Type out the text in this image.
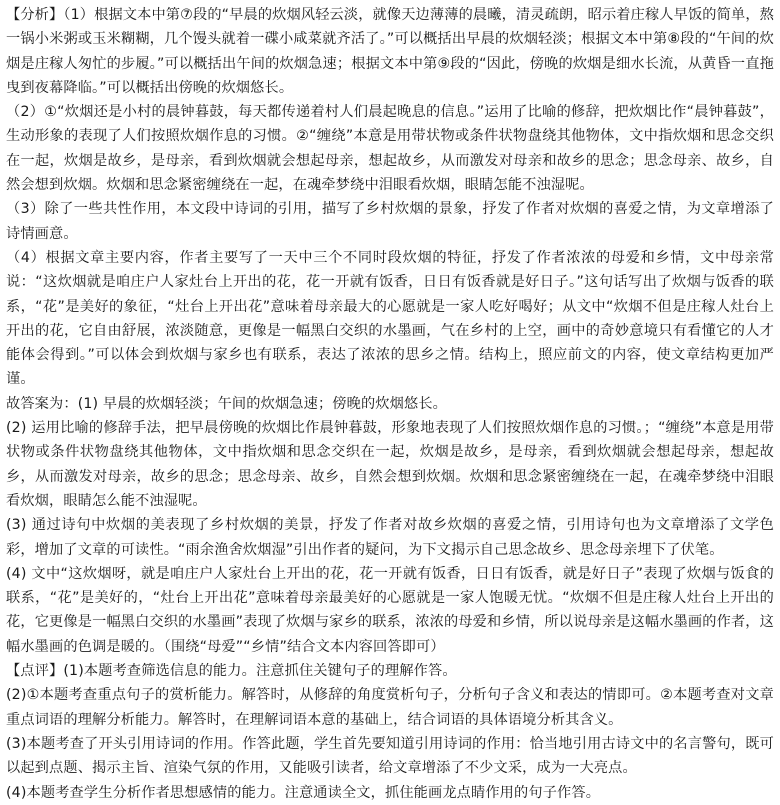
【分析】（1）根据文本中第⑦段的“早晨的炊烟风轻云淡，就像天边薄薄的晨曦，清灵疏朗，昭示着庄稼人早饭的简单，熬一锅小米粥或玉米糊糊，几个馒头就着一碟小咸菜就齐活了。”可以概括出早晨的炊烟轻淡；根据文本中第⑧段的“午间的炊烟是庄稼人匆忙的步履。”可以概括出午间的炊烟急速；根据文本中第⑨段的“因此，傍晚的炊烟是细水长流，从黄昏一直拖曳到夜幕降临。”可以概括出傍晚的炊烟悠长。

（2）①“炊烟还是小村的晨钟暮鼓，每天都传递着村人们晨起晚息的信息。”运用了比喻的修辞，把炊烟比作“晨钟暮鼓”，生动形象的表现了人们按照炊烟作息的习惯。②“缠绕”本意是用带状物或条件状物盘绕其他物体，文中指炊烟和思念交织在一起，炊烟是故乡，是母亲，看到炊烟就会想起母亲，想起故乡，从而激发对母亲和故乡的思念；思念母亲、故乡，自然会想到炊烟。炊烟和思念紧密缠绕在一起，在魂牵梦绕中泪眼看炊烟，眼睛怎能不浊湿呢。

（3）除了一些共性作用，本文段中诗词的引用，描写了乡村炊烟的景象，抒发了作者对炊烟的喜爱之情，为文章增添了诗情画意。

（4）根据文章主要内容，作者主要写了一天中三个不同时段炊烟的特征，抒发了作者浓浓的母爱和乡情，文中母亲常说：“这炊烟就是咱庄户人家灶台上开出的花，花一开就有饭香，日日有饭香就是好日子。”这句话写出了炊烟与饭香的联系，“花”是美好的象征，“灶台上开出花”意味着母亲最大的心愿就是一家人吃好喝好；从文中“炊烟不但是庄稼人灶台上开出的花，它自由舒展，浓淡随意，更像是一幅黑白交织的水墨画，气在乡村的上空，画中的奇妙意境只有看懂它的人才能体会得到。”可以体会到炊烟与家乡也有联系，表达了浓浓的思乡之情。结构上，照应前文的内容，使文章结构更加严谨。

故答案为：(1) 早晨的炊烟轻淡；午间的炊烟急速；傍晚的炊烟悠长。

(2) 运用比喻的修辞手法，把早晨傍晚的炊烟比作晨钟暮鼓，形象地表现了人们按照炊烟作息的习惯。；“缠绕”本意是用带状物或条件状物盘绕其他物体，文中指炊烟和思念交织在一起，炊烟是故乡，是母亲，看到炊烟就会想起母亲，想起故乡，从而激发对母亲，故乡的思念；思念母亲、故乡，自然会想到炊烟。炊烟和思念紧密缠绕在一起，在魂牵梦绕中泪眼看炊烟，眼睛怎么能不浊湿呢。

(3) 通过诗句中炊烟的美表现了乡村炊烟的美景，抒发了作者对故乡炊烟的喜爱之情，引用诗句也为文章增添了文学色彩，增加了文章的可读性。“雨余渔舍炊烟湿”引出作者的疑问，为下文揭示自己思念故乡、思念母亲埋下了伏笔。

(4) 文中“这炊烟呀，就是咱庄户人家灶台上开出的花，花一开就有饭香，日日有饭香，就是好日子”表现了炊烟与饭食的联系，“花”是美好的，“灶台上开出花”意味着母亲最美好的心愿就是一家人饱暖无忧。“炊烟不但是庄稼人灶台上开出的花，它更像是一幅黑白交织的水墨画”表现了炊烟与家乡的联系，浓浓的母爱和乡情，所以说母亲是这幅水墨画的作者，这幅水墨画的色调是暖的。（围绕“母爱”“乡情”结合文本内容回答即可）

【点评】(1)本题考查筛选信息的能力。注意抓住关键句子的理解作答。

(2)①本题考查重点句子的赏析能力。解答时，从修辞的角度赏析句子，分析句子含义和表达的情即可。②本题考查对文章重点词语的理解分析能力。解答时，在理解词语本意的基础上，结合词语的具体语境分析其含义。

(3)本题考查了开头引用诗词的作用。作答此题，学生首先要知道引用诗词的作用：恰当地引用古诗文中的名言警句，既可以起到点题、揭示主旨、渲染气氛的作用，又能吸引读者，给文章增添了不少文采，成为一大亮点。

(4)本题考查学生分析作者思想感情的能力。注意通读全文，抓住能画龙点睛作用的句子作答。
